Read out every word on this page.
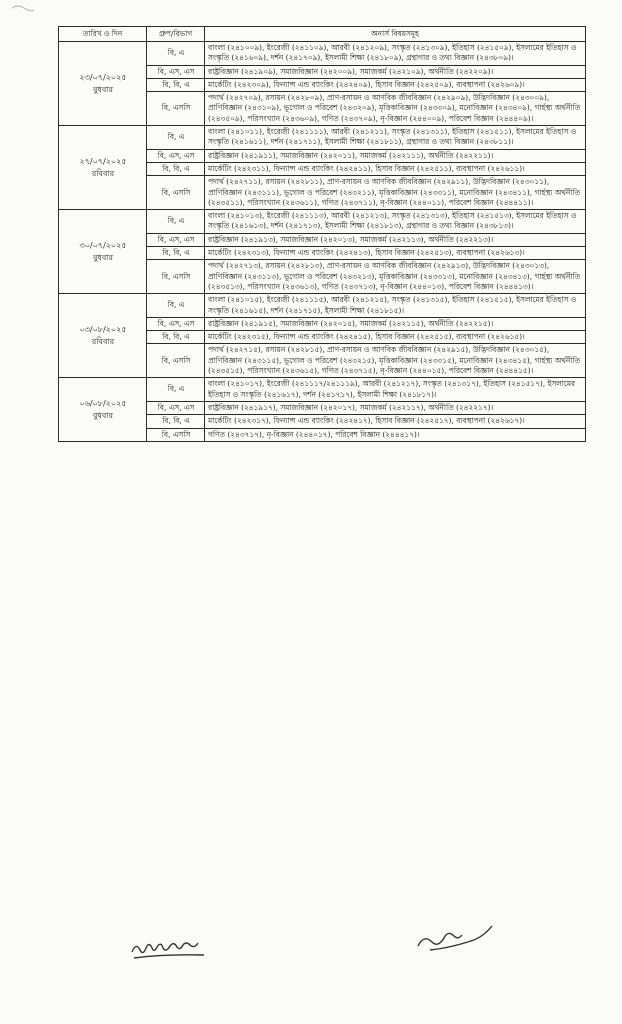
তারিখ ও দিন	গ্রুপ/বিভাগ	অনার্স বিষয়সমূহ

২৩/০৭/২০২৫
বুধবার	বি, এ	বাংলা (২৪১০০৯), ইংরেজী (২৪১১০৯), আরবী (২৪১২০৯), সংস্কৃত (২৪১৩০৯), ইতিহাস (২৪১৫০৯), ইসলামের ইতিহাস ও সংস্কৃতি (২৪১৬০৯), দর্শন (২৪১৭০৯), ইসলামী শিক্ষা (২৪১৮০৯), গ্রন্থাগার ও তথ্য বিজ্ঞান (২৪৩৮০৯)।
	বি, এস, এস	রাষ্ট্রবিজ্ঞান (২৪১৯০৯), সমাজবিজ্ঞান (২৪২০০৯), সমাজকর্ম (২৪২১০৯), অর্থনীতি (২৪২২০৯)।
	বি, বি, এ	মার্কেটিং (২৪২৩০৯), ফিন্যান্স এন্ড ব্যাংকিং (২৪২৪০৯), হিসাব বিজ্ঞান (২৪২৫০৯), ব্যবস্থাপনা (২৪২৬০৯)।
	বি, এসসি	পদার্থ (২৪২৭০৯), রসায়ন (২৪২৮০৯), প্রাণ-রসায়ন ও আণবিক জীববিজ্ঞান (২৪২৯০৯), উদ্ভিদবিজ্ঞান (২৪৩০০৯), প্রাণিবিজ্ঞান (২৪৩১০৯), ভূগোল ও পরিবেশ (২৪৩২০৯), মৃত্তিকাবিজ্ঞান (২৪৩৩০৯), মনোবিজ্ঞান (২৪৩৪০৯), গার্হস্থ্য অর্থনীতি (২৪৩৫০৯), পরিসংখ্যান (২৪৩৬০৯), গণিত (২৪৩৭০৯), নৃ-বিজ্ঞান (২৪৪০০৯), পরিবেশ বিজ্ঞান (২৪৪৪০৯)।

২৭/০৭/২০২৫
রবিবার	বি, এ	বাংলা (২৪১০১১), ইংরেজী (২৪১১১১), আরবী (২৪১২১১), সংস্কৃত (২৪১৩১১), ইতিহাস (২৪১৫১১), ইসলামের ইতিহাস ও সংস্কৃতি (২৪১৬১১), দর্শন (২৪১৭১১), ইসলামী শিক্ষা (২৪১৮১১), গ্রন্থাগার ও তথ্য বিজ্ঞান (২৪৩৮১১)।
	বি, এস, এস	রাষ্ট্রবিজ্ঞান (২৪১৯১১), সমাজবিজ্ঞান (২৪২০১১), সমাজকর্ম (২৪২১১১), অর্থনীতি (২৪২২১১)।
	বি, বি, এ	মার্কেটিং (২৪২৩১১), ফিন্যান্স এন্ড ব্যাংকিং (২৪২৪১১), হিসাব বিজ্ঞান (২৪২৫১১), ব্যবস্থাপনা (২৪২৬১১)।
	বি, এসসি	পদার্থ (২৪২৭১১), রসায়ন (২৪২৮১১), প্রাণ-রসায়ন ও আণবিক জীববিজ্ঞান (২৪২৯১১), উদ্ভিদবিজ্ঞান (২৪৩০১১), প্রাণিবিজ্ঞান (২৪৩১১১), ভূগোল ও পরিবেশ (২৪৩২১১), মৃত্তিকাবিজ্ঞান (২৪৩৩১১), মনোবিজ্ঞান (২৪৩৪১১), গার্হস্থ্য অর্থনীতি (২৪৩৫১১), পরিসংখ্যান (২৪৩৬১১), গণিত (২৪৩৭১১), নৃ-বিজ্ঞান (২৪৪০১১), পরিবেশ বিজ্ঞান (২৪৪৪১১)।

৩০/০৭/২০২৫
বুধবার	বি, এ	বাংলা (২৪১০১৩), ইংরেজী (২৪১১১৩), আরবী (২৪১২১৩), সংস্কৃত (২৪১৩১৩), ইতিহাস (২৪১৫১৩), ইসলামের ইতিহাস ও সংস্কৃতি (২৪১৬১৩), দর্শন (২৪১৭১৩), ইসলামী শিক্ষা (২৪১৮১৩), গ্রন্থাগার ও তথ্য বিজ্ঞান (২৪৩৮১৩)।
	বি, এস, এস	রাষ্ট্রবিজ্ঞান (২৪১৯১৩), সমাজবিজ্ঞান (২৪২০১৩), সমাজকর্ম (২৪২১১৩), অর্থনীতি (২৪২২১৩)।
	বি, বি, এ	মার্কেটিং (২৪২৩১৩), ফিন্যান্স এন্ড ব্যাংকিং (২৪২৪১৩), হিসাব বিজ্ঞান (২৪২৫১৩), ব্যবস্থাপনা (২৪২৬১৩)।
	বি, এসসি	পদার্থ (২৪২৭১৩), রসায়ন (২৪২৮১৩), প্রাণ-রসায়ন ও আণবিক জীববিজ্ঞান (২৪২৯১৩), উদ্ভিদবিজ্ঞান (২৪৩০১৩), প্রাণিবিজ্ঞান (২৪৩১১৩), ভূগোল ও পরিবেশ (২৪৩২১৩), মৃত্তিকাবিজ্ঞান (২৪৩৩১৩), মনোবিজ্ঞান (২৪৩৪১৩), গার্হস্থ্য অর্থনীতি (২৪৩৫১৩), পরিসংখ্যান (২৪৩৬১৩), গণিত (২৪৩৭১৩), নৃ-বিজ্ঞান (২৪৪০১৩), পরিবেশ বিজ্ঞান (২৪৪৪১৩)।

০৩/০৮/২০২৫
রবিবার	বি, এ	বাংলা (২৪১০১৫), ইংরেজী (২৪১১১৫), আরবী (২৪১২১৫), সংস্কৃত (২৪১৩১৫), ইতিহাস (২৪১৫১৫), ইসলামের ইতিহাস ও সংস্কৃতি (২৪১৬১৫), দর্শন (২৪১৭১৫), ইসলামী শিক্ষা (২৪১৮১৫)।
	বি, এস, এস	রাষ্ট্রবিজ্ঞান (২৪১৯১৫), সমাজবিজ্ঞান (২৪২০১৫), সমাজকর্ম (২৪২১১৫), অর্থনীতি (২৪২২১৫)।
	বি, বি, এ	মার্কেটিং (২৪২৩১৫), ফিন্যান্স এন্ড ব্যাংকিং (২৪২৪১৫), হিসাব বিজ্ঞান (২৪২৫১৫), ব্যবস্থাপনা (২৪২৬১৫)।
	বি, এসসি	পদার্থ (২৪২৭১৫), রসায়ন (২৪২৮১৫), প্রাণ-রসায়ন ও আণবিক জীববিজ্ঞান (২৪২৯১৫), উদ্ভিদবিজ্ঞান (২৪৩০১৫), প্রাণিবিজ্ঞান (২৪৩১১৫), ভূগোল ও পরিবেশ (২৪৩২১৫), মৃত্তিকাবিজ্ঞান (২৪৩৩১৫), মনোবিজ্ঞান (২৪৩৪১৫), গার্হস্থ্য অর্থনীতি (২৪৩৫১৫), পরিসংখ্যান (২৪৩৬১৫), গণিত (২৪৩৭১৫), নৃ-বিজ্ঞান (২৪৪০১৫), পরিবেশ বিজ্ঞান (২৪৪৪১৫)।

০৬/০৮/২০২৫
বুধবার	বি, এ	বাংলা (২৪১০১৭), ইংরেজী (২৪১১১৭/২৪১১১৯), আরবী (২৪১২১৭), সংস্কৃত (২৪১৩১৭), ইতিহাস (২৪১৫১৭), ইসলামের ইতিহাস ও সংস্কৃতি (২৪১৬১৭), দর্শন (২৪১৭১৭), ইসলামী শিক্ষা (২৪১৮১৭)।
	বি, এস, এস	রাষ্ট্রবিজ্ঞান (২৪১৯১৭), সমাজবিজ্ঞান (২৪২০১৭), সমাজকর্ম (২৪২১১৭), অর্থনীতি (২৪২২১৭)।
	বি, বি, এ	মার্কেটিং (২৪২৩১৭), ফিন্যান্স এন্ড ব্যাংকিং (২৪২৪১৭), হিসাব বিজ্ঞান (২৪২৫১৭), ব্যবস্থাপনা (২৪২৬১৭)।
	বি, এসসি	গণিত (২৪৩৭১৭), নৃ-বিজ্ঞান (২৪৪০১৭), পরিবেশ বিজ্ঞান (২৪৪৪১৭)।
